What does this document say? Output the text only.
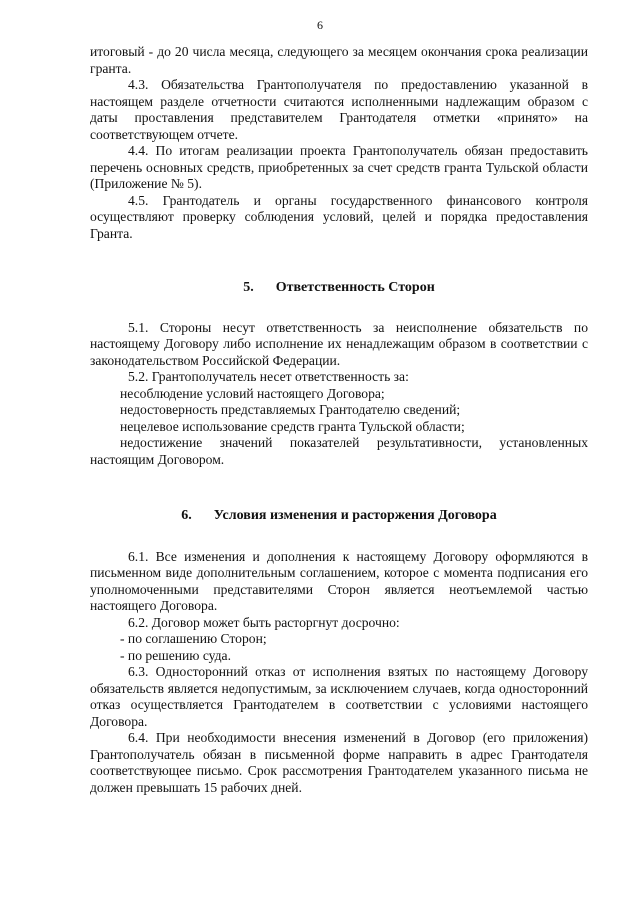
6

итоговый - до 20 числа месяца, следующего за месяцем окончания срока реализации гранта.

4.3. Обязательства Грантополучателя по предоставлению указанной в настоящем разделе отчетности считаются исполненными надлежащим образом с даты проставления представителем Грантодателя отметки «принято» на соответствующем отчете.

4.4. По итогам реализации проекта Грантополучатель обязан предоставить перечень основных средств, приобретенных за счет средств гранта Тульской области (Приложение № 5).

4.5. Грантодатель и органы государственного финансового контроля осуществляют проверку соблюдения условий, целей и порядка предоставления Гранта.

5. Ответственность Сторон

5.1. Стороны несут ответственность за неисполнение обязательств по настоящему Договору либо исполнение их ненадлежащим образом в соответствии с законодательством Российской Федерации.

5.2. Грантополучатель несет ответственность за:

несоблюдение условий настоящего Договора;

недостоверность представляемых Грантодателю сведений;

нецелевое использование средств гранта Тульской области;

недостижение значений показателей результативности, установленных настоящим Договором.

6. Условия изменения и расторжения Договора

6.1. Все изменения и дополнения к настоящему Договору оформляются в письменном виде дополнительным соглашением, которое с момента подписания его уполномоченными представителями Сторон является неотъемлемой частью настоящего Договора.

6.2. Договор может быть расторгнут досрочно:

- по соглашению Сторон;

- по решению суда.

6.3. Односторонний отказ от исполнения взятых по настоящему Договору обязательств является недопустимым, за исключением случаев, когда односторонний отказ осуществляется Грантодателем в соответствии с условиями настоящего Договора.

6.4. При необходимости внесения изменений в Договор (его приложения) Грантополучатель обязан в письменной форме направить в адрес Грантодателя соответствующее письмо. Срок рассмотрения Грантодателем указанного письма не должен превышать 15 рабочих дней.
